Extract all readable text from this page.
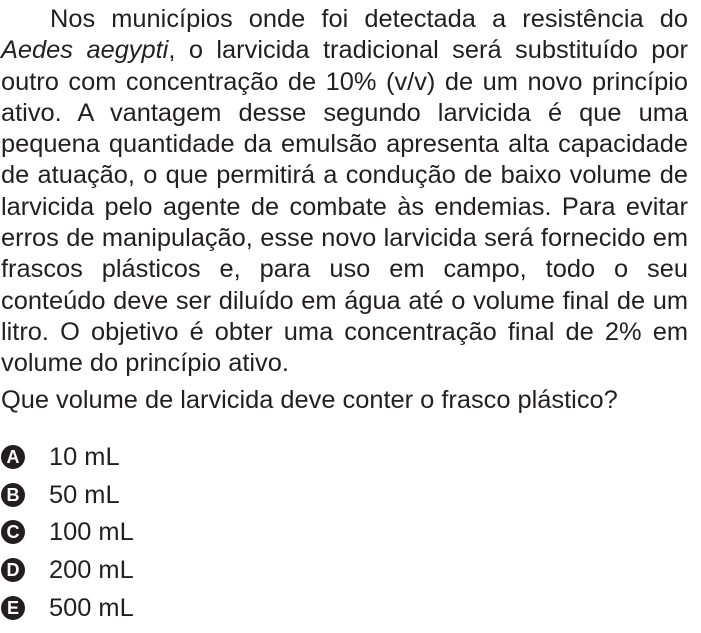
Nos municípios onde foi detectada a resistência do Aedes aegypti, o larvicida tradicional será substituído por outro com concentração de 10% (v/v) de um novo princípio ativo. A vantagem desse segundo larvicida é que uma pequena quantidade da emulsão apresenta alta capacidade de atuação, o que permitirá a condução de baixo volume de larvicida pelo agente de combate às endemias. Para evitar erros de manipulação, esse novo larvicida será fornecido em frascos plásticos e, para uso em campo, todo o seu conteúdo deve ser diluído em água até o volume final de um litro. O objetivo é obter uma concentração final de 2% em volume do princípio ativo.

Que volume de larvicida deve conter o frasco plástico?

A 10 mL
B 50 mL
C 100 mL
D 200 mL
E 500 mL
